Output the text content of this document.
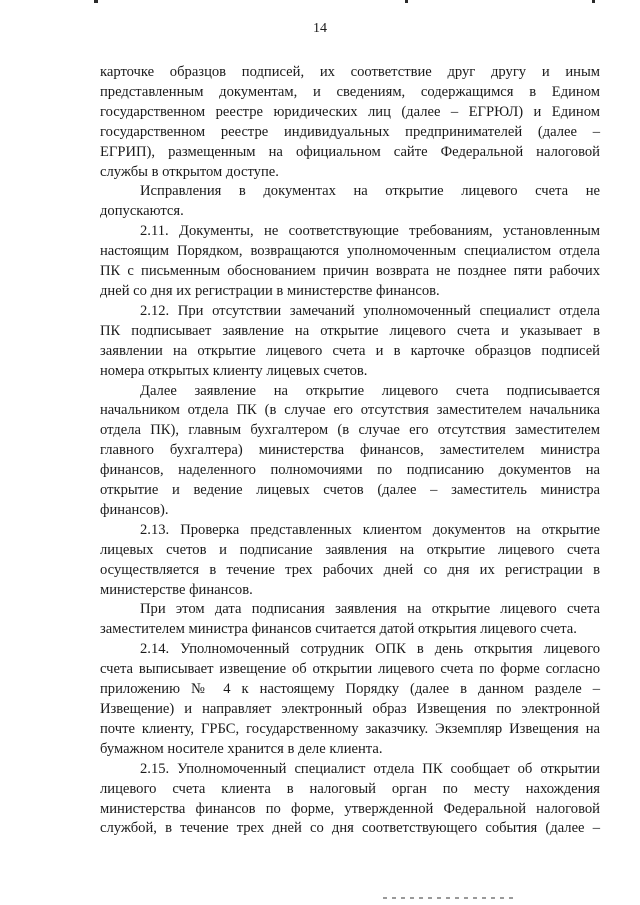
14

карточке образцов подписей, их соответствие друг другу и иным

представленным документам, и сведениям, содержащимся в Едином

государственном реестре юридических лиц (далее – ЕГРЮЛ) и Едином

государственном реестре индивидуальных предпринимателей (далее –

ЕГРИП), размещенным на официальном сайте Федеральной налоговой

службы в открытом доступе.

Исправления в документах на открытие лицевого счета не

допускаются.

2.11. Документы, не соответствующие требованиям, установленным

настоящим Порядком, возвращаются уполномоченным специалистом отдела

ПК с письменным обоснованием причин возврата не позднее пяти рабочих

дней со дня их регистрации в министерстве финансов.

2.12. При отсутствии замечаний уполномоченный специалист отдела

ПК подписывает заявление на открытие лицевого счета и указывает в

заявлении на открытие лицевого счета и в карточке образцов подписей

номера открытых клиенту лицевых счетов.

Далее заявление на открытие лицевого счета подписывается

начальником отдела ПК (в случае его отсутствия заместителем начальника

отдела ПК), главным бухгалтером (в случае его отсутствия заместителем

главного бухгалтера) министерства финансов, заместителем министра

финансов, наделенного полномочиями по подписанию документов на

открытие и ведение лицевых счетов (далее – заместитель министра

финансов).

2.13. Проверка представленных клиентом документов на открытие

лицевых счетов и подписание заявления на открытие лицевого счета

осуществляется в течение трех рабочих дней со дня их регистрации в

министерстве финансов.

При этом дата подписания заявления на открытие лицевого счета

заместителем министра финансов считается датой открытия лицевого счета.

2.14. Уполномоченный сотрудник ОПК в день открытия лицевого

счета выписывает извещение об открытии лицевого счета по форме согласно

приложению № 4 к настоящему Порядку (далее в данном разделе –

Извещение) и направляет электронный образ Извещения по электронной

почте клиенту, ГРБС, государственному заказчику. Экземпляр Извещения на

бумажном носителе хранится в деле клиента.

2.15. Уполномоченный специалист отдела ПК сообщает об открытии

лицевого счета клиента в налоговый орган по месту нахождения

министерства финансов по форме, утвержденной Федеральной налоговой

службой, в течение трех дней со дня соответствующего события (далее –
